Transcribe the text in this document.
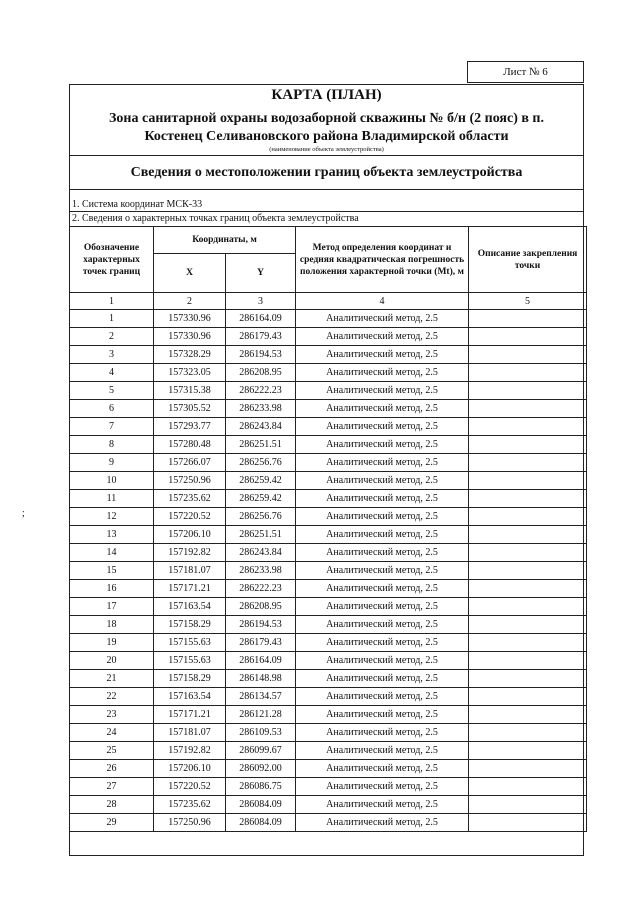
Лист № 6
КАРТА (ПЛАН)
Зона санитарной охраны водозаборной скважины № б/н (2 пояс) в п.
Костенец Селивановского района Владимирской области
(наименование объекта землеустройства)
Сведения о местоположении границ объекта землеустройства
1. Система координат МСК-33
2. Сведения о характерных точках границ объекта землеустройства
Обозначение характерных точек границ	Координаты, м		Метод определения координат и средняя квадратическая погрешность положения характерной точки (Mt), м	Описание закрепления точки
	X	Y		
1	2	3	4	5
1	157330.96	286164.09	Аналитический метод, 2.5	
2	157330.96	286179.43	Аналитический метод, 2.5	
3	157328.29	286194.53	Аналитический метод, 2.5	
4	157323.05	286208.95	Аналитический метод, 2.5	
5	157315.38	286222.23	Аналитический метод, 2.5	
6	157305.52	286233.98	Аналитический метод, 2.5	
7	157293.77	286243.84	Аналитический метод, 2.5	
8	157280.48	286251.51	Аналитический метод, 2.5	
9	157266.07	286256.76	Аналитический метод, 2.5	
10	157250.96	286259.42	Аналитический метод, 2.5	
11	157235.62	286259.42	Аналитический метод, 2.5	
12	157220.52	286256.76	Аналитический метод, 2.5	
13	157206.10	286251.51	Аналитический метод, 2.5	
14	157192.82	286243.84	Аналитический метод, 2.5	
15	157181.07	286233.98	Аналитический метод, 2.5	
16	157171.21	286222.23	Аналитический метод, 2.5	
17	157163.54	286208.95	Аналитический метод, 2.5	
18	157158.29	286194.53	Аналитический метод, 2.5	
19	157155.63	286179.43	Аналитический метод, 2.5	
20	157155.63	286164.09	Аналитический метод, 2.5	
21	157158.29	286148.98	Аналитический метод, 2.5	
22	157163.54	286134.57	Аналитический метод, 2.5	
23	157171.21	286121.28	Аналитический метод, 2.5	
24	157181.07	286109.53	Аналитический метод, 2.5	
25	157192.82	286099.67	Аналитический метод, 2.5	
26	157206.10	286092.00	Аналитический метод, 2.5	
27	157220.52	286086.75	Аналитический метод, 2.5	
28	157235.62	286084.09	Аналитический метод, 2.5	
29	157250.96	286084.09	Аналитический метод, 2.5	
;
